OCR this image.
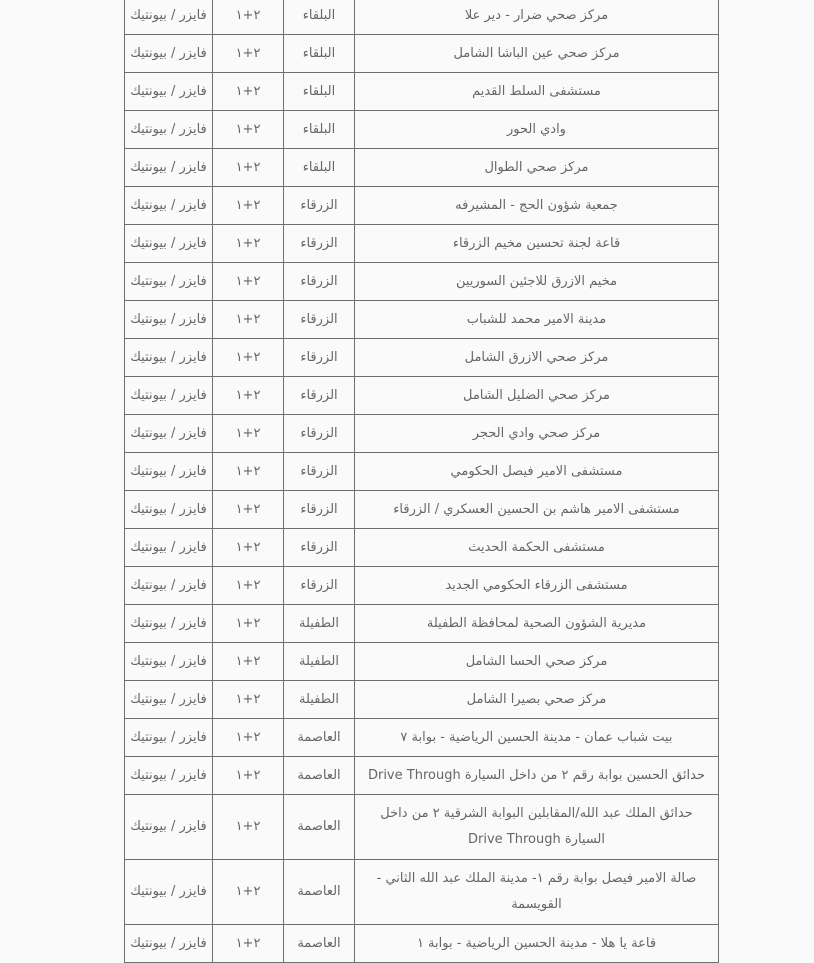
مركز صحي ضرار - دير علا	البلقاء	٢+١	فايزر / بيونتيك
مركز صحي عين الباشا الشامل	البلقاء	٢+١	فايزر / بيونتيك
مستشفى السلط القديم	البلقاء	٢+١	فايزر / بيونتيك
وادي الحور	البلقاء	٢+١	فايزر / بيونتيك
مركز صحي الطوال	البلقاء	٢+١	فايزر / بيونتيك
جمعية شؤون الحج - المشيرفه	الزرقاء	٢+١	فايزر / بيونتيك
قاعة لجنة تحسين مخيم الزرقاء	الزرقاء	٢+١	فايزر / بيونتيك
مخيم الازرق للاجئين السوريين	الزرقاء	٢+١	فايزر / بيونتيك
مدينة الامير محمد للشباب	الزرقاء	٢+١	فايزر / بيونتيك
مركز صحي الازرق الشامل	الزرقاء	٢+١	فايزر / بيونتيك
مركز صحي الضليل الشامل	الزرقاء	٢+١	فايزر / بيونتيك
مركز صحي وادي الحجر	الزرقاء	٢+١	فايزر / بيونتيك
مستشفى الامير فيصل الحكومي	الزرقاء	٢+١	فايزر / بيونتيك
مستشفى الامير هاشم بن الحسين العسكري / الزرقاء	الزرقاء	٢+١	فايزر / بيونتيك
مستشفى الحكمة الحديث	الزرقاء	٢+١	فايزر / بيونتيك
مستشفى الزرقاء الحكومي الجديد	الزرقاء	٢+١	فايزر / بيونتيك
مديرية الشؤون الصحية لمحافظة الطفيلة	الطفيلة	٢+١	فايزر / بيونتيك
مركز صحي الحسا الشامل	الطفيلة	٢+١	فايزر / بيونتيك
مركز صحي بصيرا الشامل	الطفيلة	٢+١	فايزر / بيونتيك
بيت شباب عمان - مدينة الحسين الرياضية - بوابة ٧	العاصمة	٢+١	فايزر / بيونتيك
حدائق الحسين بوابة رقم ٢ من داخل السيارة Drive Through	العاصمة	٢+١	فايزر / بيونتيك
حدائق الملك عبد الله/المقابلين البوابة الشرقية ٢ من داخل السيارة Drive Through	العاصمة	٢+١	فايزر / بيونتيك
صالة الامير فيصل بوابة رقم ١- مدينة الملك عبد الله الثاني - القويسمة	العاصمة	٢+١	فايزر / بيونتيك
قاعة يا هلا - مدينة الحسين الرياضية - بوابة ١	العاصمة	٢+١	فايزر / بيونتيك
